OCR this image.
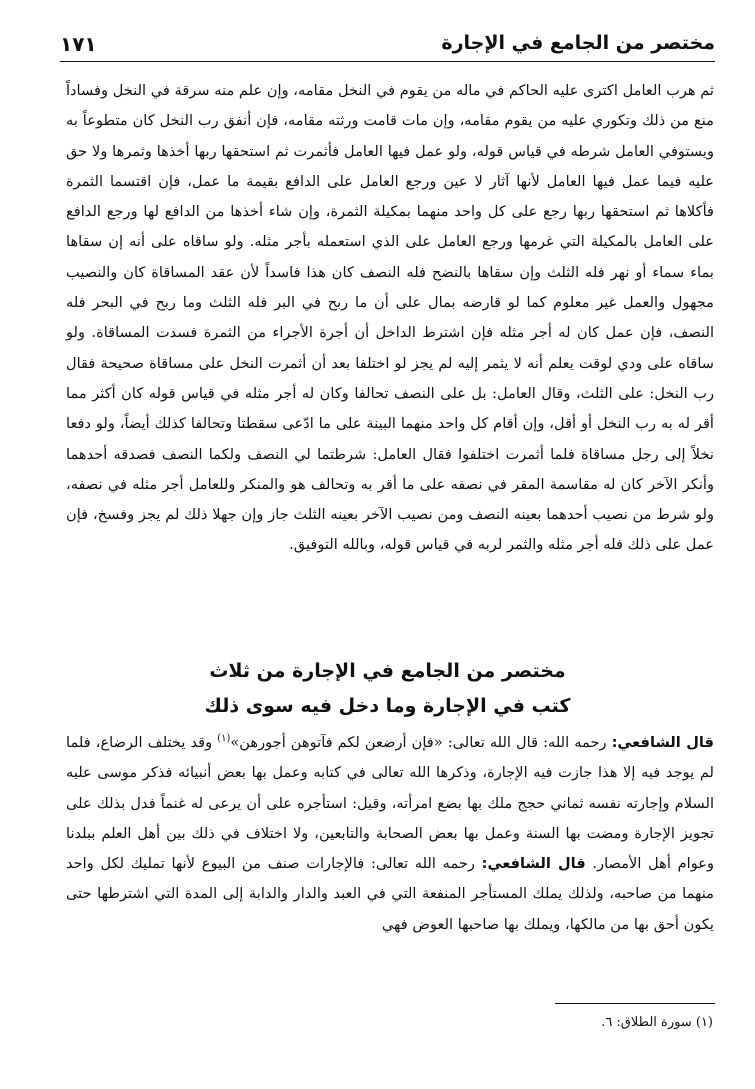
مختصر من الجامع في الإجارة
١٧١

ثم هرب العامل اكترى عليه الحاكم في ماله من يقوم في النخل مقامه، وإن علم منه سرقة في النخل وفساداً منع من ذلك وتكوري عليه من يقوم مقامه، وإن مات قامت ورثته مقامه، فإن أنفق رب النخل كان متطوعاً به ويستوفي العامل شرطه في قياس قوله، ولو عمل فيها العامل فأثمرت ثم استحقها ربها أخذها وثمرها ولا حق عليه فيما عمل فيها العامل لأنها آثار لا عين ورجع العامل على الدافع بقيمة ما عمل، فإن اقتسما الثمرة فأكلاها ثم استحقها ربها رجع على كل واحد منهما بمكيلة الثمرة، وإن شاء أخذها من الدافع لها ورجع الدافع على العامل بالمكيلة التي غرمها ورجع العامل على الذي استعمله بأجر مثله. ولو ساقاه على أنه إن سقاها بماء سماء أو نهر فله الثلث وإن سقاها بالنضح فله النصف كان هذا فاسداً لأن عقد المساقاة كان والنصيب مجهول والعمل غير معلوم كما لو قارضه بمال على أن ما ربح في البر فله الثلث وما ربح في البحر فله النصف، فإن عمل كان له أجر مثله فإن اشترط الداخل أن أجرة الأجراء من الثمرة فسدت المساقاة. ولو ساقاه على ودي لوقت يعلم أنه لا يثمر إليه لم يجز لو اختلفا بعد أن أثمرت النخل على مساقاة صحيحة فقال رب النخل: على الثلث، وقال العامل: بل على النصف تحالفا وكان له أجر مثله في قياس قوله كان أكثر مما أقر له به رب النخل أو أقل، وإن أقام كل واحد منهما البينة على ما ادّعى سقطتا وتحالفا كذلك أيضاً، ولو دفعا نخلاً إلى رجل مساقاة فلما أثمرت اختلفوا فقال العامل: شرطتما لي النصف ولكما النصف فصدقه أحدهما وأنكر الآخر كان له مقاسمة المقر في نصفه على ما أقر به وتحالف هو والمنكر وللعامل أجر مثله في نصفه، ولو شرط من نصيب أحدهما بعينه النصف ومن نصيب الآخر بعينه الثلث جاز وإن جهلا ذلك لم يجز وفسخ، فإن عمل على ذلك فله أجر مثله والثمر لربه في قياس قوله، وبالله التوفيق.

مختصر من الجامع في الإجارة من ثلاث
كتب في الإجارة وما دخل فيه سوى ذلك

قال الشافعي: رحمه الله: قال الله تعالى: «فإن أرضعن لكم فآتوهن أجورهن»$^{(١)}$ وقد يختلف الرضاع، فلما لم يوجد فيه إلا هذا جازت فيه الإجارة، وذكرها الله تعالى في كتابه وعمل بها بعض أنبيائه فذكر موسى عليه السلام وإجارته نفسه ثماني حجج ملك بها بضع امرأته، وقيل: استأجره على أن يرعى له غنماً فدل بذلك على تجويز الإجارة ومضت بها السنة وعمل بها بعض الصحابة والتابعين، ولا اختلاف في ذلك بين أهل العلم ببلدنا وعوام أهل الأمصار. قال الشافعي: رحمه الله تعالى: فالإجارات صنف من البيوع لأنها تمليك لكل واحد منهما من صاحبه، ولذلك يملك المستأجر المنفعة التي في العبد والدار والدابة إلى المدة التي اشترطها حتى يكون أحق بها من مالكها، ويملك بها صاحبها العوض فهي

(١) سورة الطلاق: ٦.
